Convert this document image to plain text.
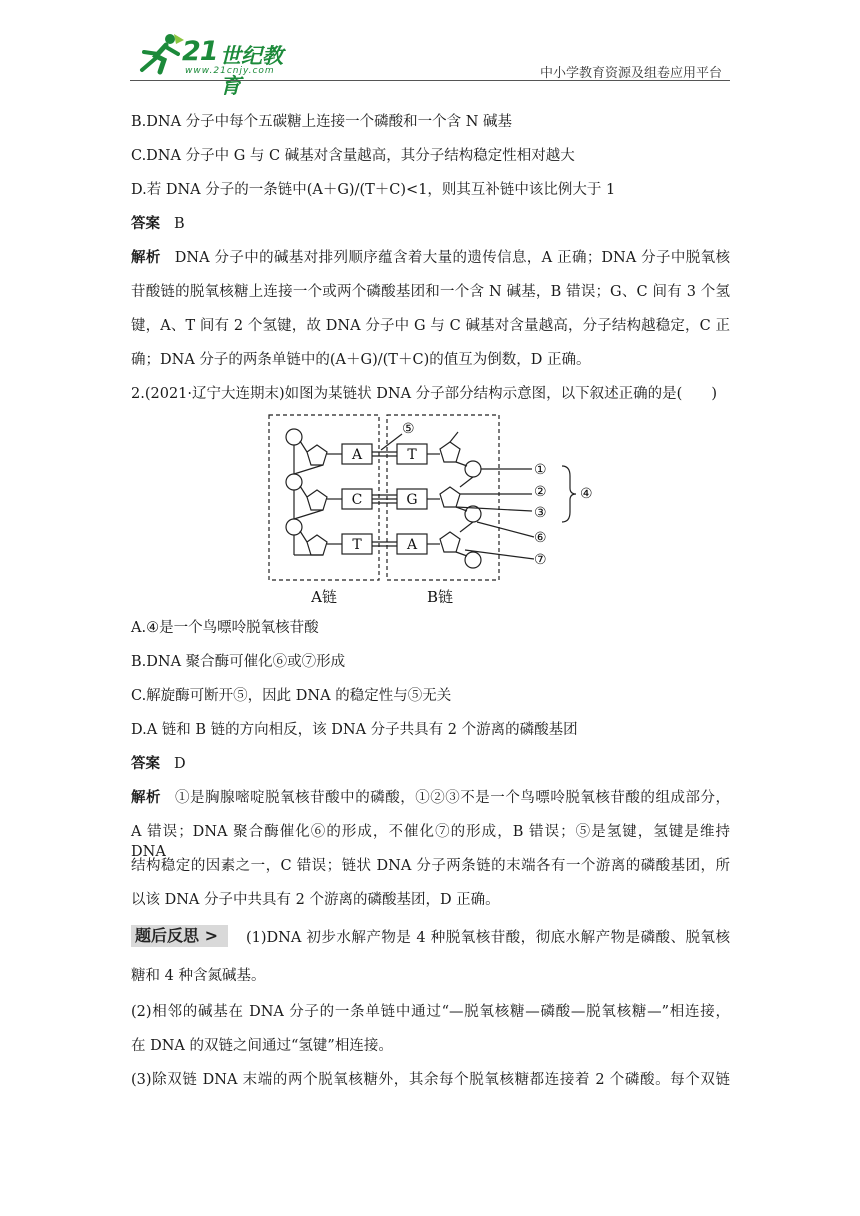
21 世纪教育
www.21cnjy.com	中小学教育资源及组卷应用平台
B.DNA 分子中每个五碳糖上连接一个磷酸和一个含 N 碱基
C.DNA 分子中 G 与 C 碱基对含量越高，其分子结构稳定性相对越大
D.若 DNA 分子的一条链中(A＋G)/(T＋C)<1，则其互补链中该比例大于 1
答案 B
解析 DNA 分子中的碱基对排列顺序蕴含着大量的遗传信息，A 正确；DNA 分子中脱氧核
苷酸链的脱氧核糖上连接一个或两个磷酸基团和一个含 N 碱基，B 错误；G、C 间有 3 个氢
键，A、T 间有 2 个氢键，故 DNA 分子中 G 与 C 碱基对含量越高，分子结构越稳定，C 正
确；DNA 分子的两条单链中的(A＋G)/(T＋C)的值互为倒数，D 正确。
2.(2021·辽宁大连期末)如图为某链状 DNA 分子部分结构示意图，以下叙述正确的是(　　)
A
C
T
T
G
A
⑤
①
②
③
④
⑥
⑦
A链	B链
A.④是一个鸟嘌呤脱氧核苷酸
B.DNA 聚合酶可催化⑥或⑦形成
C.解旋酶可断开⑤，因此 DNA 的稳定性与⑤无关
D.A 链和 B 链的方向相反，该 DNA 分子共具有 2 个游离的磷酸基团
答案 D
解析 ①是胸腺嘧啶脱氧核苷酸中的磷酸，①②③不是一个鸟嘌呤脱氧核苷酸的组成部分，
A 错误；DNA 聚合酶催化⑥的形成，不催化⑦的形成，B 错误；⑤是氢键，氢键是维持 DNA
结构稳定的因素之一，C 错误；链状 DNA 分子两条链的末端各有一个游离的磷酸基团，所
以该 DNA 分子中共具有 2 个游离的磷酸基团，D 正确。
题后反思 >	(1)DNA 初步水解产物是 4 种脱氧核苷酸，彻底水解产物是磷酸、脱氧核
糖和 4 种含氮碱基。
(2)相邻的碱基在 DNA 分子的一条单链中通过“—脱氧核糖—磷酸—脱氧核糖—”相连接，
在 DNA 的双链之间通过“氢键”相连接。
(3)除双链 DNA 末端的两个脱氧核糖外，其余每个脱氧核糖都连接着 2 个磷酸。每个双链
